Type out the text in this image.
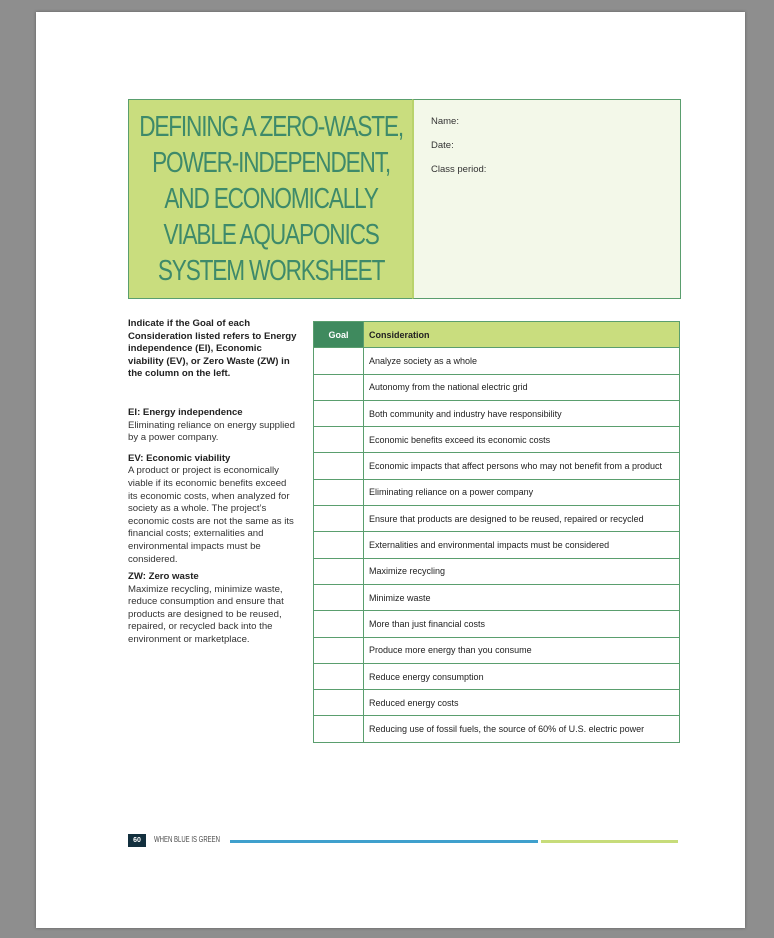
DEFINING A ZERO-WASTE,
POWER-INDEPENDENT,
AND ECONOMICALLY
VIABLE AQUAPONICS
SYSTEM WORKSHEET
Name:
Date:
Class period:
Indicate if the Goal of each Consideration listed refers to Energy independence (EI), Economic viability (EV), or Zero Waste (ZW) in the column on the left.
EI: Energy independence
Eliminating reliance on energy supplied by a power company.
EV: Economic viability
A product or project is economically viable if its economic benefits exceed its economic costs, when analyzed for society as a whole. The project’s economic costs are not the same as its financial costs; externalities and environmental impacts must be considered.
ZW: Zero waste
Maximize recycling, minimize waste, reduce consumption and ensure that products are designed to be reused, repaired, or recycled back into the environment or marketplace.
Goal	Consideration
	Analyze society as a whole
	Autonomy from the national electric grid
	Both community and industry have responsibility
	Economic benefits exceed its economic costs
	Economic impacts that affect persons who may not benefit from a product
	Eliminating reliance on a power company
	Ensure that products are designed to be reused, repaired or recycled
	Externalities and environmental impacts must be considered
	Maximize recycling
	Minimize waste
	More than just financial costs
	Produce more energy than you consume
	Reduce energy consumption
	Reduced energy costs
	Reducing use of fossil fuels, the source of 60% of U.S. electric power
60	WHEN BLUE IS GREEN
